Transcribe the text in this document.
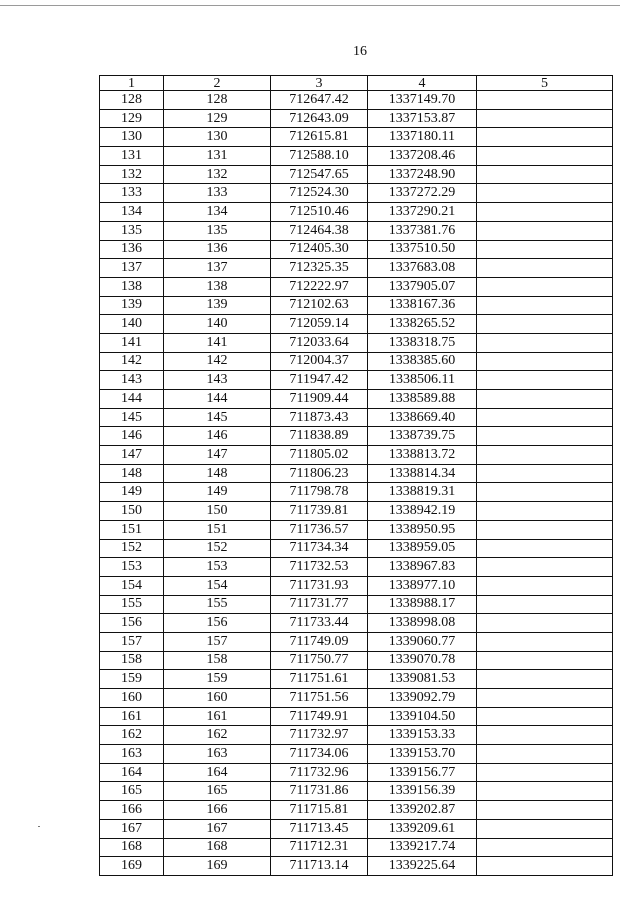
16
1	2	3	4	5
128	128	712647.42	1337149.70	
129	129	712643.09	1337153.87	
130	130	712615.81	1337180.11	
131	131	712588.10	1337208.46	
132	132	712547.65	1337248.90	
133	133	712524.30	1337272.29	
134	134	712510.46	1337290.21	
135	135	712464.38	1337381.76	
136	136	712405.30	1337510.50	
137	137	712325.35	1337683.08	
138	138	712222.97	1337905.07	
139	139	712102.63	1338167.36	
140	140	712059.14	1338265.52	
141	141	712033.64	1338318.75	
142	142	712004.37	1338385.60	
143	143	711947.42	1338506.11	
144	144	711909.44	1338589.88	
145	145	711873.43	1338669.40	
146	146	711838.89	1338739.75	
147	147	711805.02	1338813.72	
148	148	711806.23	1338814.34	
149	149	711798.78	1338819.31	
150	150	711739.81	1338942.19	
151	151	711736.57	1338950.95	
152	152	711734.34	1338959.05	
153	153	711732.53	1338967.83	
154	154	711731.93	1338977.10	
155	155	711731.77	1338988.17	
156	156	711733.44	1338998.08	
157	157	711749.09	1339060.77	
158	158	711750.77	1339070.78	
159	159	711751.61	1339081.53	
160	160	711751.56	1339092.79	
161	161	711749.91	1339104.50	
162	162	711732.97	1339153.33	
163	163	711734.06	1339153.70	
164	164	711732.96	1339156.77	
165	165	711731.86	1339156.39	
166	166	711715.81	1339202.87	
167	167	711713.45	1339209.61	
168	168	711712.31	1339217.74	
169	169	711713.14	1339225.64	
